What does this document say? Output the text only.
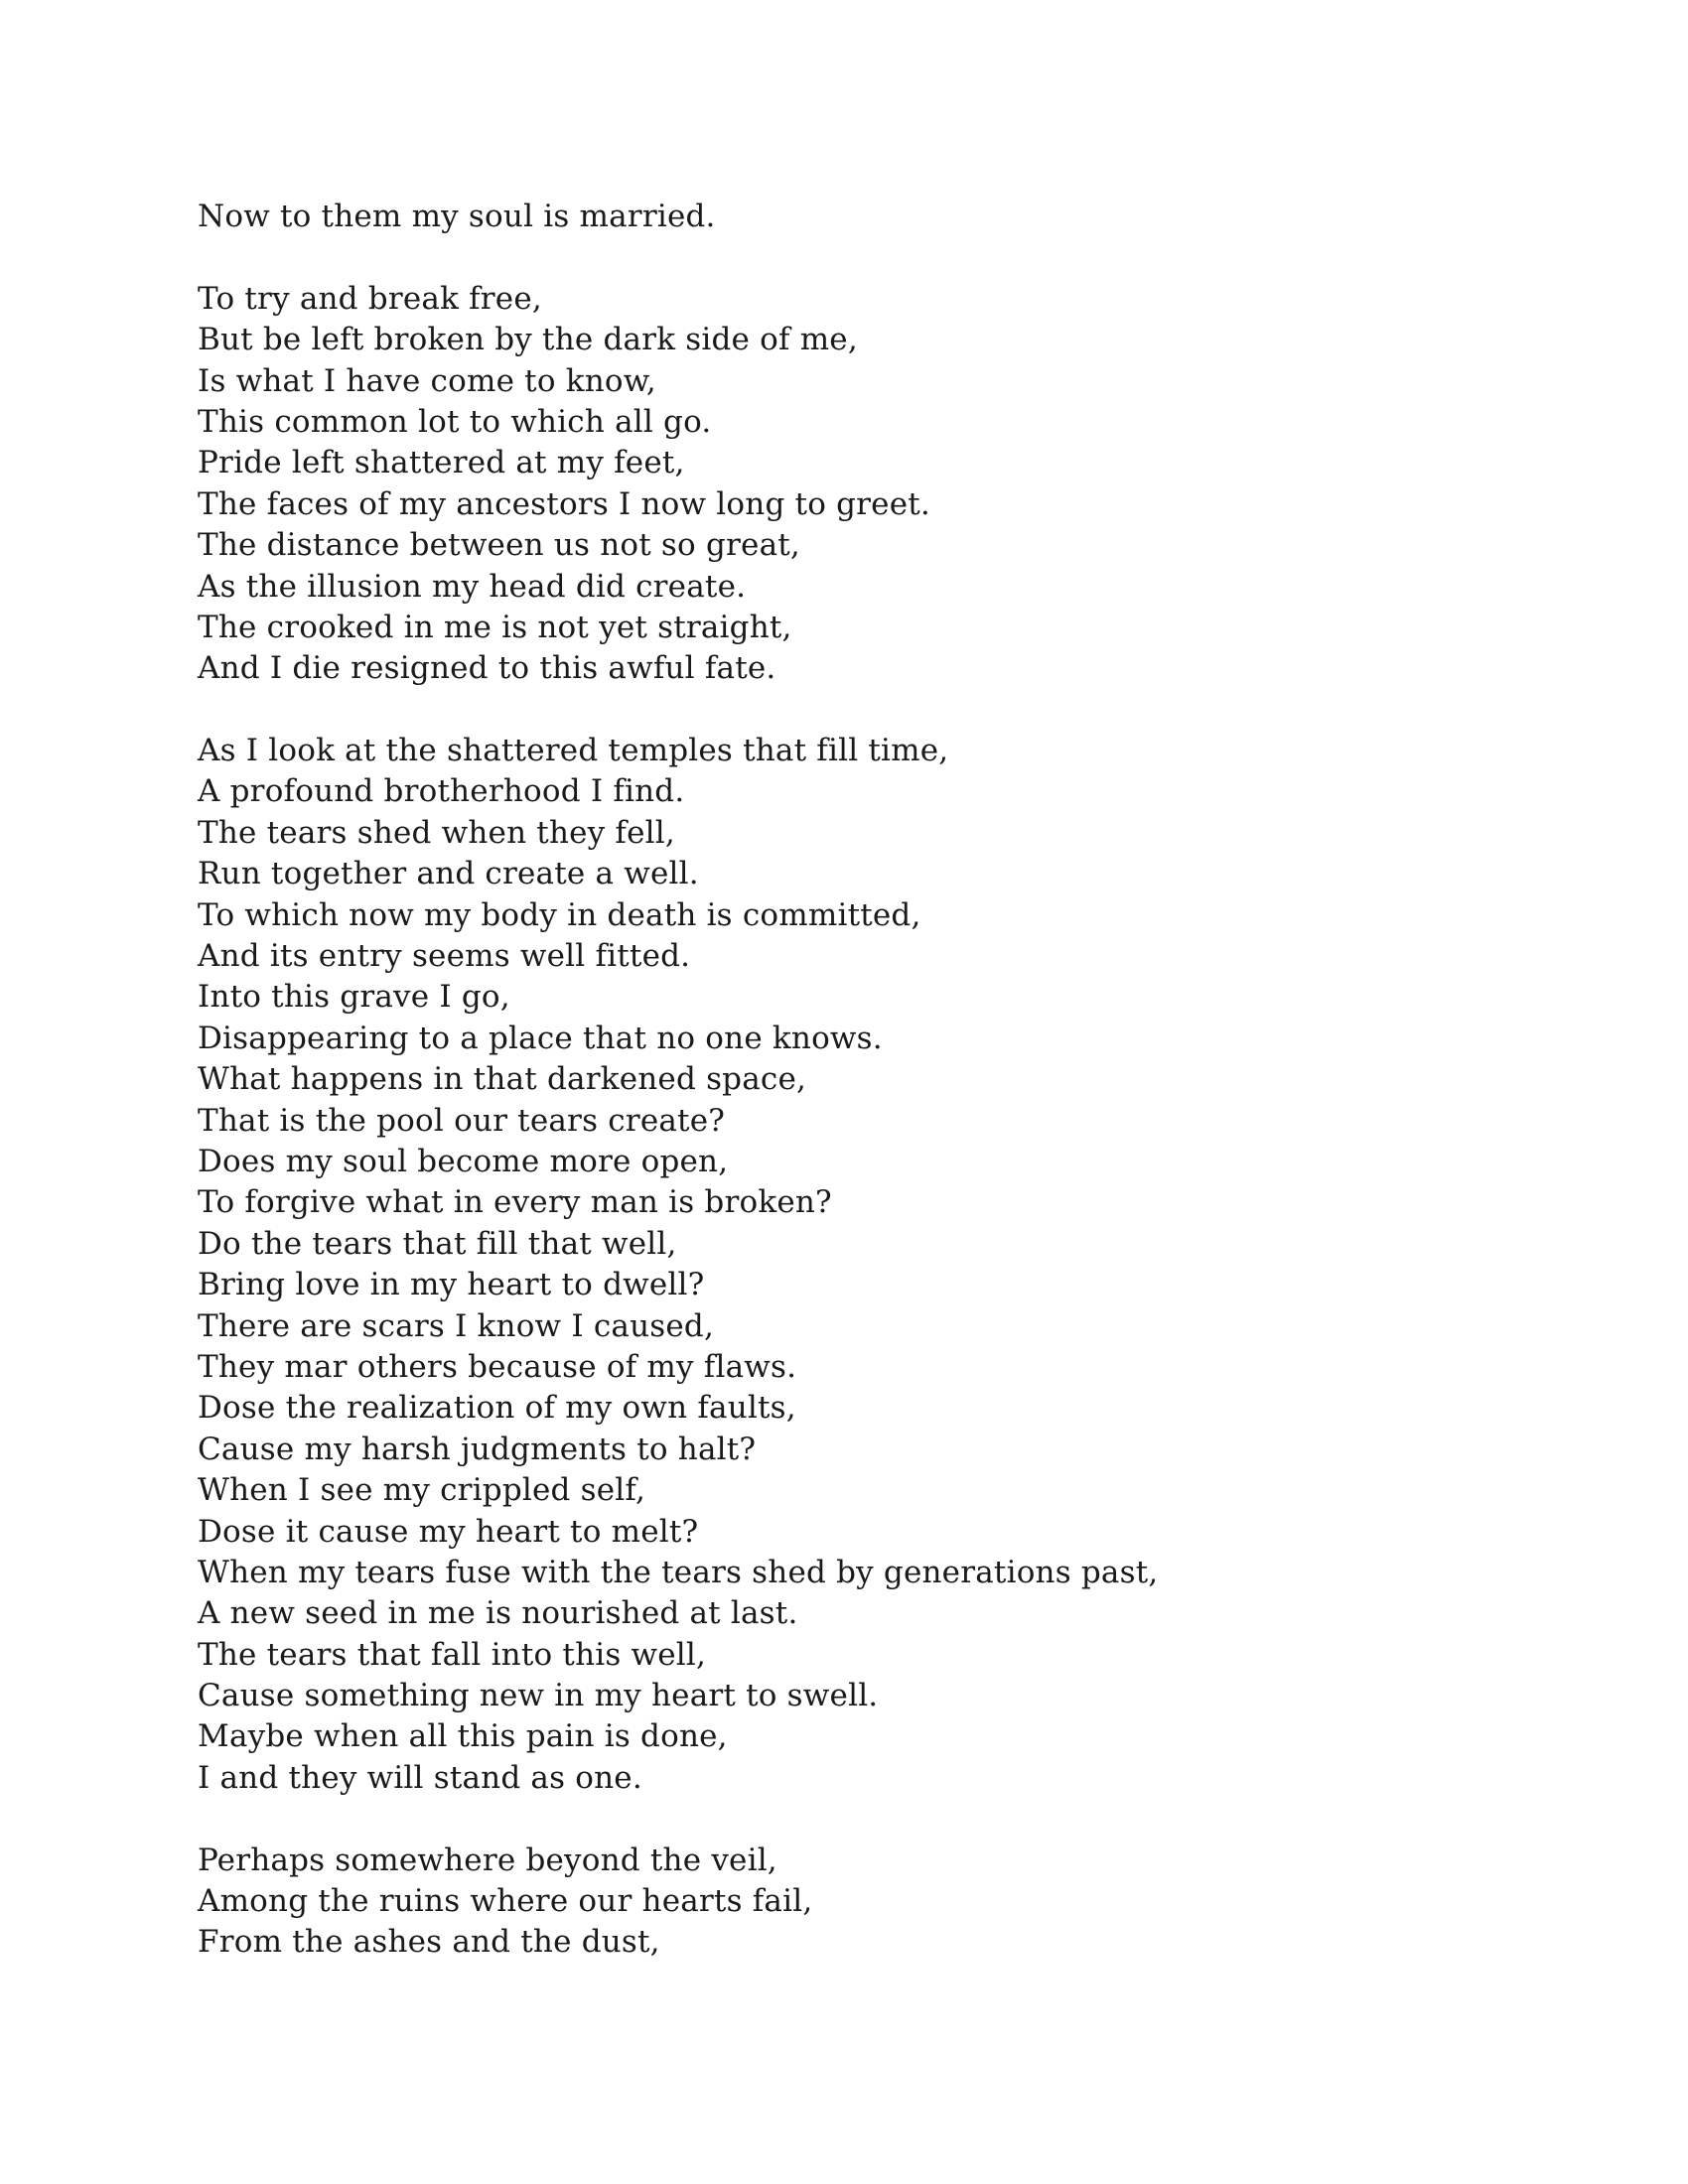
Now to them my soul is married.
To try and break free,
But be left broken by the dark side of me,
Is what I have come to know,
This common lot to which all go.
Pride left shattered at my feet,
The faces of my ancestors I now long to greet.
The distance between us not so great,
As the illusion my head did create.
The crooked in me is not yet straight,
And I die resigned to this awful fate.
As I look at the shattered temples that fill time,
A profound brotherhood I find.
The tears shed when they fell,
Run together and create a well.
To which now my body in death is committed,
And its entry seems well fitted.
Into this grave I go,
Disappearing to a place that no one knows.
What happens in that darkened space,
That is the pool our tears create?
Does my soul become more open,
To forgive what in every man is broken?
Do the tears that fill that well,
Bring love in my heart to dwell?
There are scars I know I caused,
They mar others because of my flaws.
Dose the realization of my own faults,
Cause my harsh judgments to halt?
When I see my crippled self,
Dose it cause my heart to melt?
When my tears fuse with the tears shed by generations past,
A new seed in me is nourished at last.
The tears that fall into this well,
Cause something new in my heart to swell.
Maybe when all this pain is done,
I and they will stand as one.
Perhaps somewhere beyond the veil,
Among the ruins where our hearts fail,
From the ashes and the dust,
